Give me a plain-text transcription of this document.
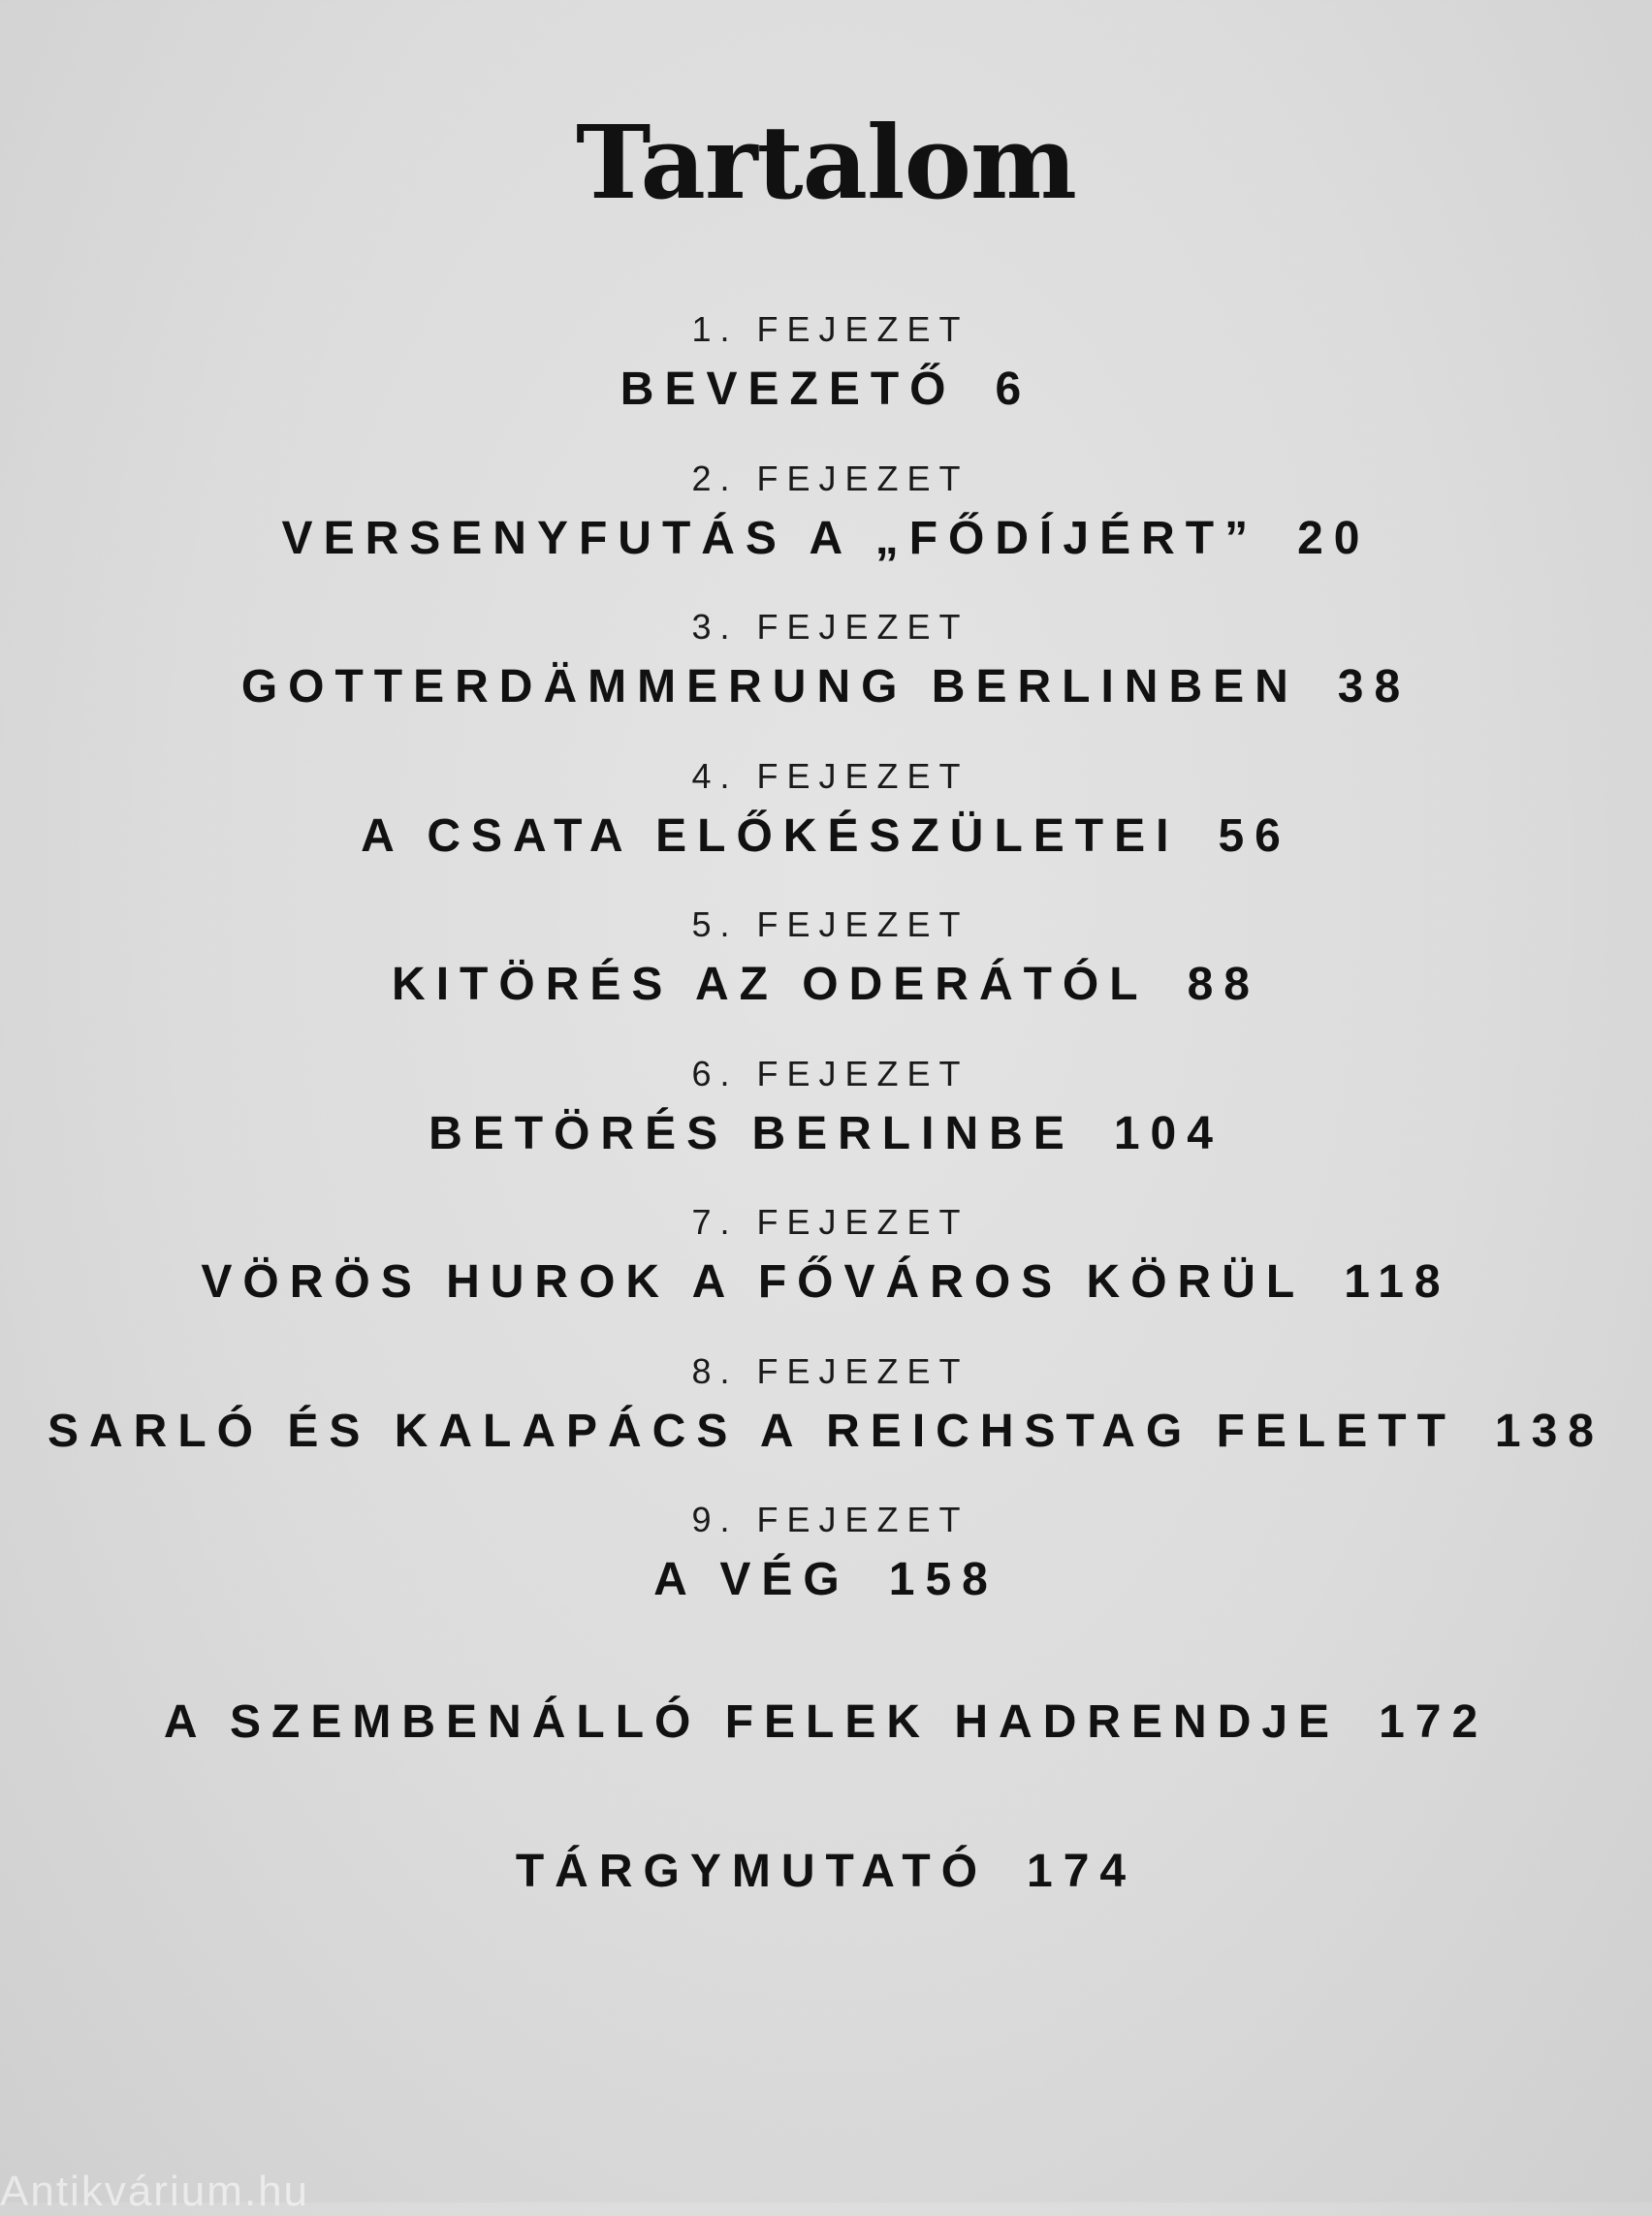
Tartalom
1. FEJEZET
BEVEZETŐ 6
2. FEJEZET
VERSENYFUTÁS A „FŐDÍJÉRT” 20
3. FEJEZET
GOTTERDÄMMERUNG BERLINBEN 38
4. FEJEZET
A CSATA ELŐKÉSZÜLETEI 56
5. FEJEZET
KITÖRÉS AZ ODERÁTÓL 88
6. FEJEZET
BETÖRÉS BERLINBE 104
7. FEJEZET
VÖRÖS HUROK A FŐVÁROS KÖRÜL 118
8. FEJEZET
SARLÓ ÉS KALAPÁCS A REICHSTAG FELETT 138
9. FEJEZET
A VÉG 158
A SZEMBENÁLLÓ FELEK HADRENDJE 172
TÁRGYMUTATÓ 174
Antikvárium.hu
